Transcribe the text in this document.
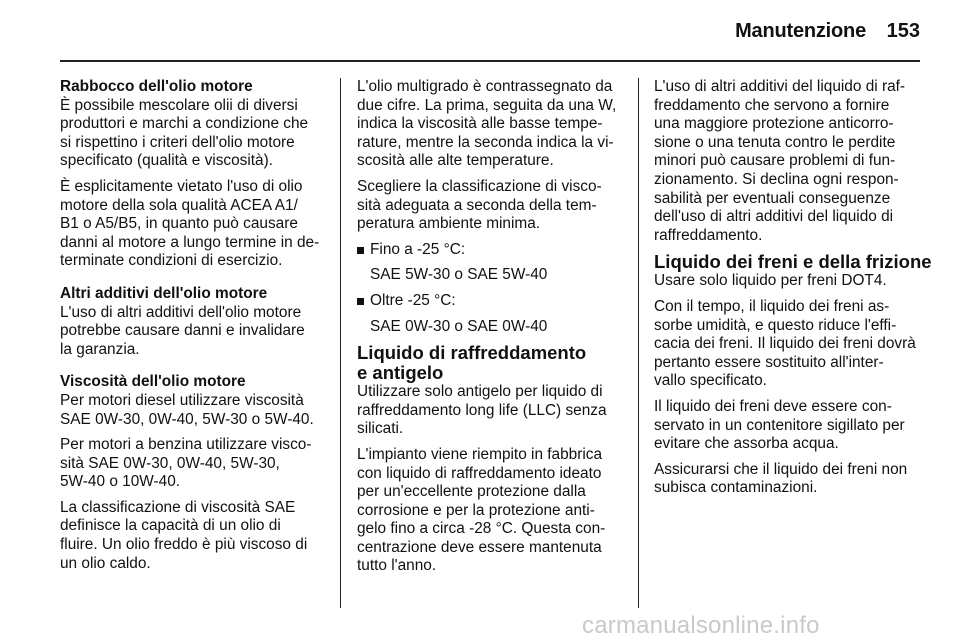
Manutenzione 153
Rabbocco dell'olio motore
È possibile mescolare olii di diversi
produttori e marchi a condizione che
si rispettino i criteri dell'olio motore
specificato (qualità e viscosità).
È esplicitamente vietato l'uso di olio
motore della sola qualità ACEA A1/
B1 o A5/B5, in quanto può causare
danni al motore a lungo termine in de-
terminate condizioni di esercizio.
Altri additivi dell'olio motore
L'uso di altri additivi dell'olio motore
potrebbe causare danni e invalidare
la garanzia.
Viscosità dell'olio motore
Per motori diesel utilizzare viscosità
SAE 0W-30, 0W-40, 5W-30 o 5W-40.
Per motori a benzina utilizzare visco-
sità SAE 0W-30, 0W-40, 5W-30,
5W-40 o 10W-40.
La classificazione di viscosità SAE
definisce la capacità di un olio di
fluire. Un olio freddo è più viscoso di
un olio caldo.
L'olio multigrado è contrassegnato da
due cifre. La prima, seguita da una W,
indica la viscosità alle basse tempe-
rature, mentre la seconda indica la vi-
scosità alle alte temperature.
Scegliere la classificazione di visco-
sità adeguata a seconda della tem-
peratura ambiente minima.
Fino a -25 °C:
SAE 5W-30 o SAE 5W-40
Oltre -25 °C:
SAE 0W-30 o SAE 0W-40
Liquido di raffreddamento
e antigelo
Utilizzare solo antigelo per liquido di
raffreddamento long life (LLC) senza
silicati.
L'impianto viene riempito in fabbrica
con liquido di raffreddamento ideato
per un'eccellente protezione dalla
corrosione e per la protezione anti-
gelo fino a circa -28 °C. Questa con-
centrazione deve essere mantenuta
tutto l'anno.
L'uso di altri additivi del liquido di raf-
freddamento che servono a fornire
una maggiore protezione anticorro-
sione o una tenuta contro le perdite
minori può causare problemi di fun-
zionamento. Si declina ogni respon-
sabilità per eventuali conseguenze
dell'uso di altri additivi del liquido di
raffreddamento.
Liquido dei freni e della frizione
Usare solo liquido per freni DOT4.
Con il tempo, il liquido dei freni as-
sorbe umidità, e questo riduce l'effi-
cacia dei freni. Il liquido dei freni dovrà
pertanto essere sostituito all'inter-
vallo specificato.
Il liquido dei freni deve essere con-
servato in un contenitore sigillato per
evitare che assorba acqua.
Assicurarsi che il liquido dei freni non
subisca contaminazioni.
carmanualsonline.info
